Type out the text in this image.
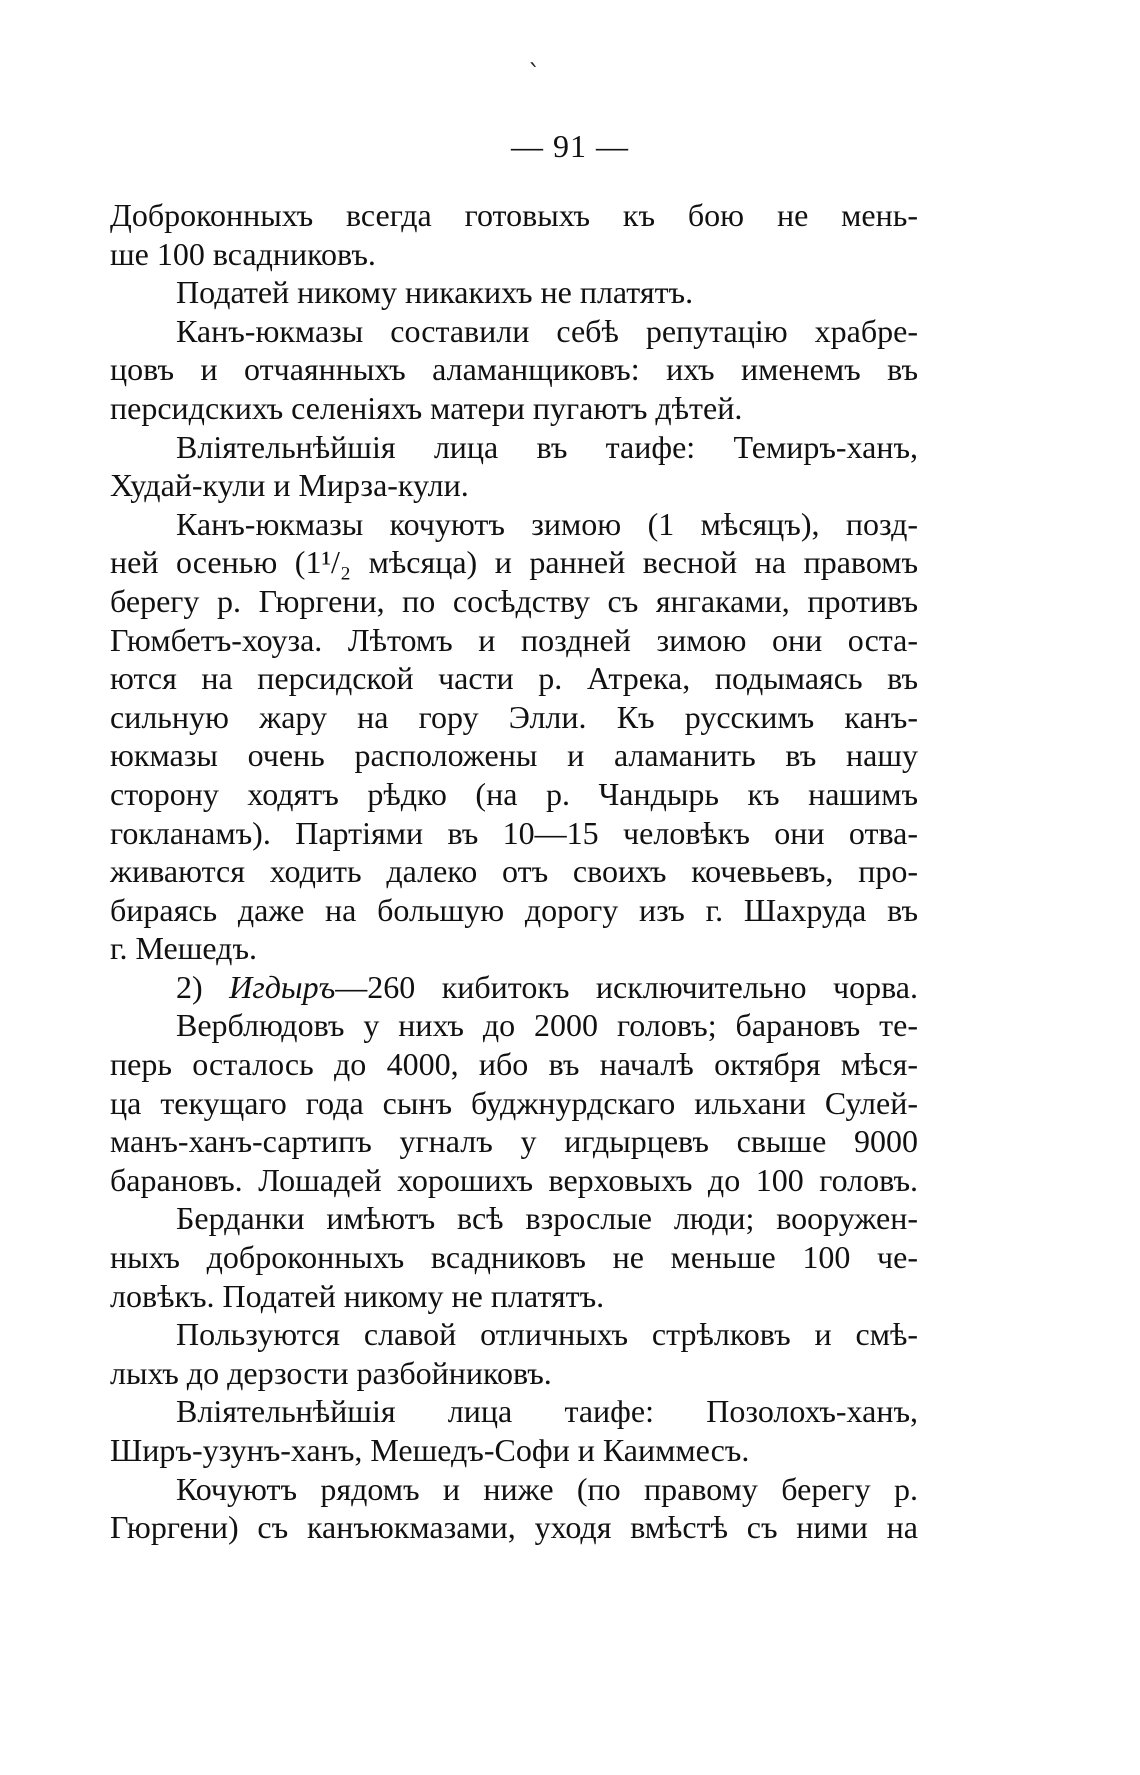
`
— 91 —

Доброконныхъ всегда готовыхъ къ бою не мень-
ше 100 всадниковъ.

Податей никому никакихъ не платятъ.

Канъ-юкмазы составили себѣ репутацію храбре-
цовъ и отчаянныхъ аламанщиковъ: ихъ именемъ въ
персидскихъ селеніяхъ матери пугаютъ дѣтей.

Вліятельнѣйшія лица въ таифе: Темиръ-ханъ,
Худай-кули и Мирза-кули.

Канъ-юкмазы кочуютъ зимою (1 мѣсяцъ), позд-
ней осенью (1¹/₂ мѣсяца) и ранней весной на правомъ
берегу р. Гюргени, по сосѣдству съ янгаками, противъ
Гюмбетъ-хоуза. Лѣтомъ и поздней зимою они оста-
ются на персидской части р. Атрека, подымаясь въ
сильную жару на гору Элли. Къ русскимъ канъ-
юкмазы очень расположены и аламанить въ нашу
сторону ходятъ рѣдко (на р. Чандырь къ нашимъ
гокланамъ). Партіями въ 10—15 человѣкъ они отва-
живаются ходить далеко отъ своихъ кочевьевъ, про-
бираясь даже на большую дорогу изъ г. Шахруда въ
г. Мешедъ.

2) Игдыръ—260 кибитокъ исключительно чорва.

Верблюдовъ у нихъ до 2000 головъ; барановъ те-
перь осталось до 4000, ибо въ началѣ октября мѣся-
ца текущаго года сынъ буджнурдскаго ильхани Сулей-
манъ-ханъ-сартипъ угналъ у игдырцевъ свыше 9000
барановъ. Лошадей хорошихъ верховыхъ до 100 головъ.

Берданки имѣютъ всѣ взрослые люди; вооружен-
ныхъ доброконныхъ всадниковъ не меньше 100 че-
ловѣкъ. Податей никому не платятъ.

Пользуются славой отличныхъ стрѣлковъ и смѣ-
лыхъ до дерзости разбойниковъ.

Вліятельнѣйшія лица таифе: Позолохъ-ханъ,
Ширъ-узунъ-ханъ, Мешедъ-Софи и Каиммесъ.

Кочуютъ рядомъ и ниже (по правому берегу р.
Гюргени) съ канъюкмазами, уходя вмѣстѣ съ ними на
